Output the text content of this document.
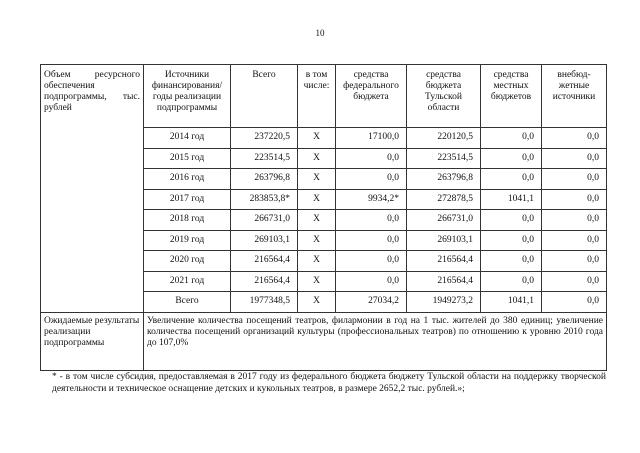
10
Объем ресурсного обеспечения подпрограммы, тыс. рублей	Источники финансирования/ годы реализации подпрограммы	Всего	в том числе:	средства федерального бюджета	средства бюджета Тульской области	средства местных бюджетов	внебюд-жетные источники
	2014 год	237220,5	Х	17100,0	220120,5	0,0	0,0
	2015 год	223514,5	Х	0,0	223514,5	0,0	0,0
	2016 год	263796,8	Х	0,0	263796,8	0,0	0,0
	2017 год	283853,8*	Х	9934,2*	272878,5	1041,1	0,0
	2018 год	266731,0	Х	0,0	266731,0	0,0	0,0
	2019 год	269103,1	Х	0,0	269103,1	0,0	0,0
	2020 год	216564,4	Х	0,0	216564,4	0,0	0,0
	2021 год	216564,4	Х	0,0	216564,4	0,0	0,0
	Всего	1977348,5	Х	27034,2	1949273,2	1041,1	0,0
Ожидаемые результаты реализации подпрограммы	Увеличение количества посещений театров, филармонии в год на 1 тыс. жителей до 380 единиц; увеличение количества посещений организаций культуры (профессиональных театров) по отношению к уровню 2010 года до 107,0%						

* - в том числе субсидия, предоставляемая в 2017 году из федерального бюджета бюджету Тульской области на поддержку творческой деятельности и техническое оснащение детских и кукольных театров, в размере 2652,2 тыс. рублей.»;
